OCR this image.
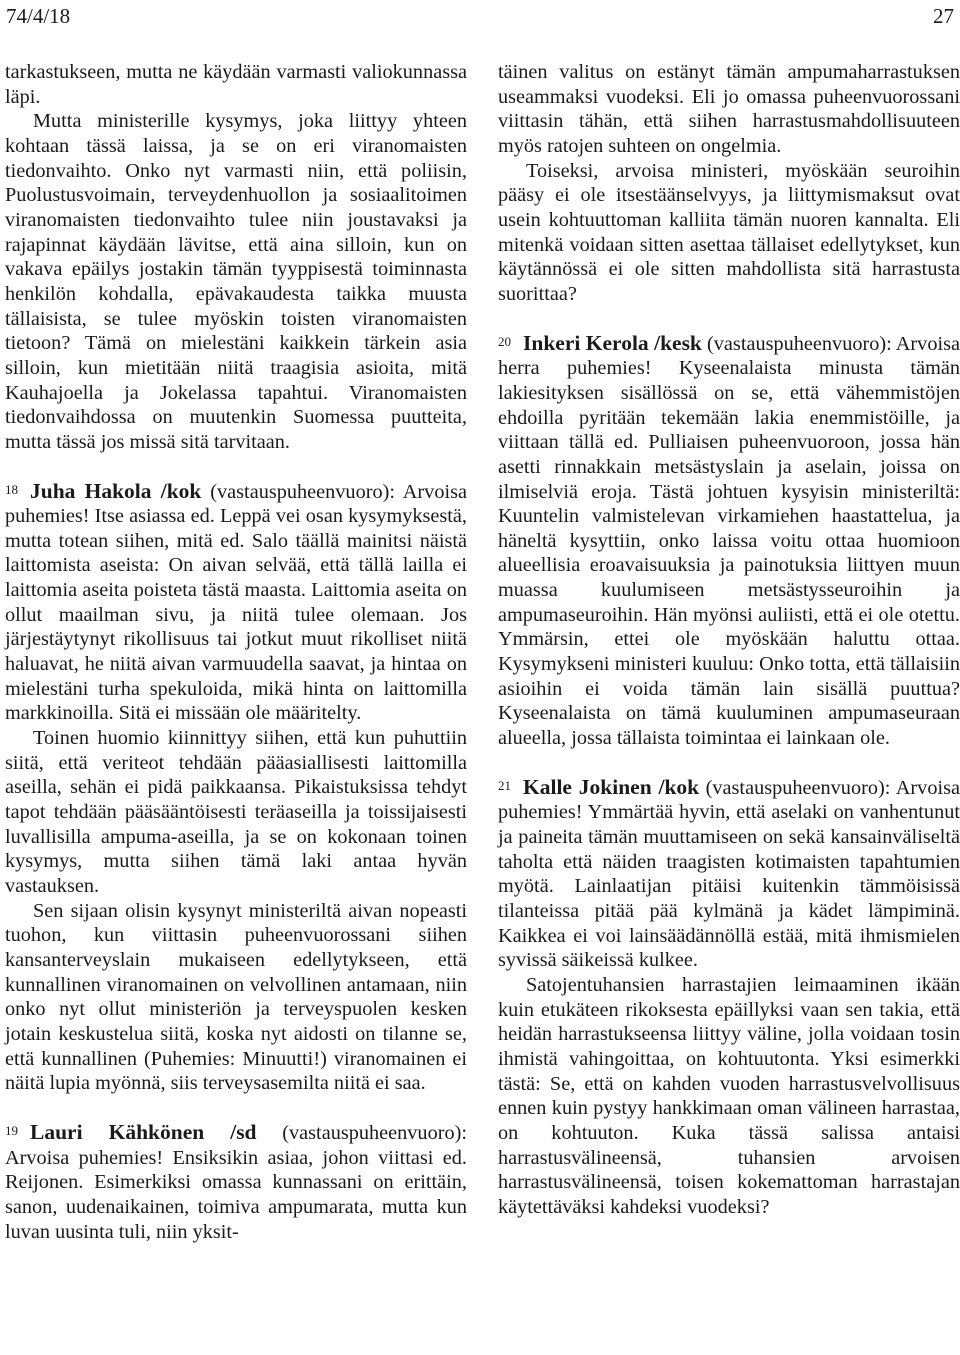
74/4/18	27

tarkastukseen, mutta ne käydään varmasti valiokunnassa läpi.

Mutta ministerille kysymys, joka liittyy yhteen kohtaan tässä laissa, ja se on eri viranomaisten tiedonvaihto. Onko nyt varmasti niin, että poliisin, Puolustusvoimain, terveydenhuollon ja sosiaalitoimen viranomaisten tiedonvaihto tulee niin joustavaksi ja rajapinnat käydään lävitse, että aina silloin, kun on vakava epäilys jostakin tämän tyyppisestä toiminnasta henkilön kohdalla, epävakaudesta taikka muusta tällaisista, se tulee myöskin toisten viranomaisten tietoon? Tämä on mielestäni kaikkein tärkein asia silloin, kun mietitään niitä traagisia asioita, mitä Kauhajoella ja Jokelassa tapahtui. Viranomaisten tiedonvaihdossa on muutenkin Suomessa puutteita, mutta tässä jos missä sitä tarvitaan.

$^{18}$ Juha Hakola /kok (vastauspuheenvuoro): Arvoisa puhemies! Itse asiassa ed. Leppä vei osan kysymyksestä, mutta totean siihen, mitä ed. Salo täällä mainitsi näistä laittomista aseista: On aivan selvää, että tällä lailla ei laittomia aseita poisteta tästä maasta. Laittomia aseita on ollut maailman sivu, ja niitä tulee olemaan. Jos järjestäytynyt rikollisuus tai jotkut muut rikolliset niitä haluavat, he niitä aivan varmuudella saavat, ja hintaa on mielestäni turha spekuloida, mikä hinta on laittomilla markkinoilla. Sitä ei missään ole määritelty.

Toinen huomio kiinnittyy siihen, että kun puhuttiin siitä, että veriteot tehdään pääasiallisesti laittomilla aseilla, sehän ei pidä paikkaansa. Pikaistuksissa tehdyt tapot tehdään pääsääntöisesti teräaseilla ja toissijaisesti luvallisilla ampuma-aseilla, ja se on kokonaan toinen kysymys, mutta siihen tämä laki antaa hyvän vastauksen.

Sen sijaan olisin kysynyt ministeriltä aivan nopeasti tuohon, kun viittasin puheenvuorossani siihen kansanterveyslain mukaiseen edellytykseen, että kunnallinen viranomainen on velvollinen antamaan, niin onko nyt ollut ministeriön ja terveyspuolen kesken jotain keskustelua siitä, koska nyt aidosti on tilanne se, että kunnallinen (Puhemies: Minuutti!) viranomainen ei näitä lupia myönnä, siis terveysasemilta niitä ei saa.

$^{19}$ Lauri Kähkönen /sd (vastauspuheenvuoro): Arvoisa puhemies! Ensiksikin asiaa, johon viittasi ed. Reijonen. Esimerkiksi omassa kunnassani on erittäin, sanon, uudenaikainen, toimiva ampumarata, mutta kun luvan uusinta tuli, niin yksit-

täinen valitus on estänyt tämän ampumaharrastuksen useammaksi vuodeksi. Eli jo omassa puheenvuorossani viittasin tähän, että siihen harrastusmahdollisuuteen myös ratojen suhteen on ongelmia.

Toiseksi, arvoisa ministeri, myöskään seuroihin pääsy ei ole itsestäänselvyys, ja liittymismaksut ovat usein kohtuuttoman kalliita tämän nuoren kannalta. Eli mitenkä voidaan sitten asettaa tällaiset edellytykset, kun käytännössä ei ole sitten mahdollista sitä harrastusta suorittaa?

$^{20}$ Inkeri Kerola /kesk (vastauspuheenvuoro): Arvoisa herra puhemies! Kyseenalaista minusta tämän lakiesityksen sisällössä on se, että vähemmistöjen ehdoilla pyritään tekemään lakia enemmistöille, ja viittaan tällä ed. Pulliaisen puheenvuoroon, jossa hän asetti rinnakkain metsästyslain ja aselain, joissa on ilmiselviä eroja. Tästä johtuen kysyisin ministeriltä: Kuuntelin valmistelevan virkamiehen haastattelua, ja häneltä kysyttiin, onko laissa voitu ottaa huomioon alueellisia eroavaisuuksia ja painotuksia liittyen muun muassa kuulumiseen metsästysseuroihin ja ampumaseuroihin. Hän myönsi auliisti, että ei ole otettu. Ymmärsin, ettei ole myöskään haluttu ottaa. Kysymykseni ministeri kuuluu: Onko totta, että tällaisiin asioihin ei voida tämän lain sisällä puuttua? Kyseenalaista on tämä kuuluminen ampumaseuraan alueella, jossa tällaista toimintaa ei lainkaan ole.

$^{21}$ Kalle Jokinen /kok (vastauspuheenvuoro): Arvoisa puhemies! Ymmärtää hyvin, että aselaki on vanhentunut ja paineita tämän muuttamiseen on sekä kansainväliseltä taholta että näiden traagisten kotimaisten tapahtumien myötä. Lainlaatijan pitäisi kuitenkin tämmöisissä tilanteissa pitää pää kylmänä ja kädet lämpiminä. Kaikkea ei voi lainsäädännöllä estää, mitä ihmismielen syvissä säikeissä kulkee.

Satojentuhansien harrastajien leimaaminen ikään kuin etukäteen rikoksesta epäillyksi vaan sen takia, että heidän harrastukseensa liittyy väline, jolla voidaan tosin ihmistä vahingoittaa, on kohtuutonta. Yksi esimerkki tästä: Se, että on kahden vuoden harrastusvelvollisuus ennen kuin pystyy hankkimaan oman välineen harrastaa, on kohtuuton. Kuka tässä salissa antaisi harrastusvälineensä, tuhansien arvoisen harrastusvälineensä, toisen kokemattoman harrastajan käytettäväksi kahdeksi vuodeksi?
